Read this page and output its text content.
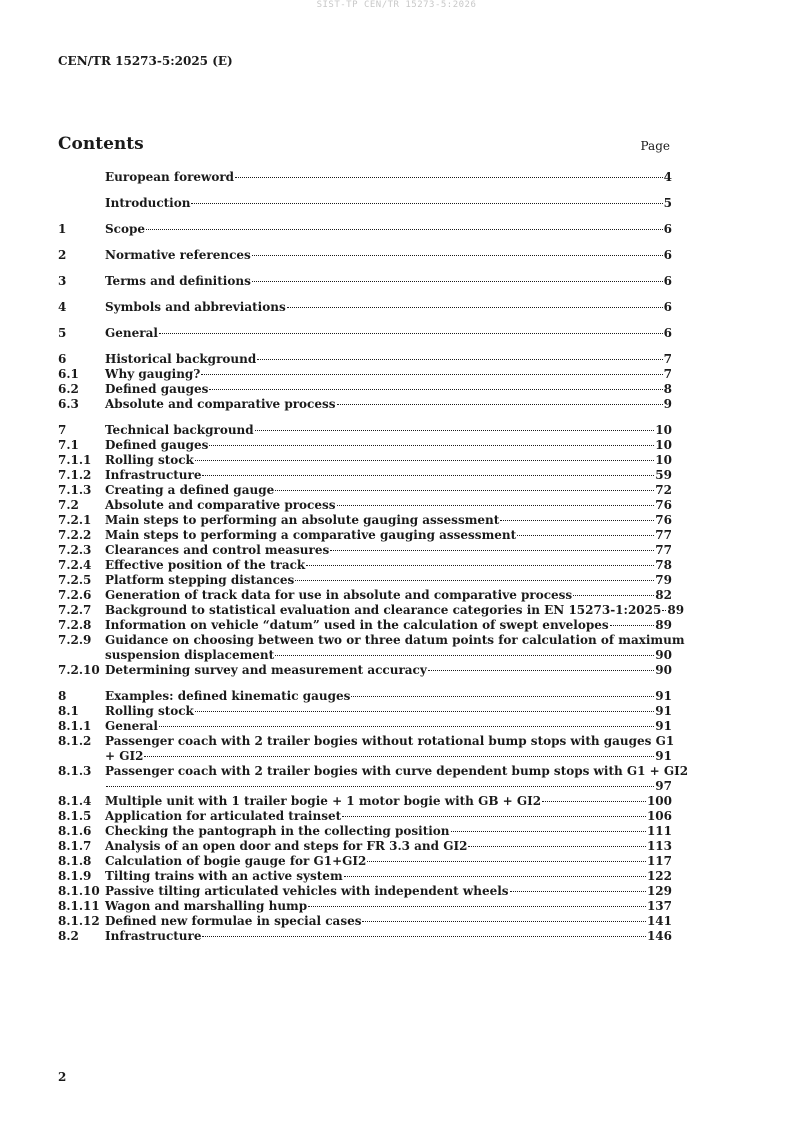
SIST-TP CEN/TR 15273-5:2026
CEN/TR 15273-5:2025 (E)
Contents	Page
European foreword	4
Introduction	5
1	Scope	6
2	Normative references	6
3	Terms and definitions	6
4	Symbols and abbreviations	6
5	General	6
6	Historical background	7
6.1	Why gauging?	7
6.2	Defined gauges	8
6.3	Absolute and comparative process	9
7	Technical background	10
7.1	Defined gauges	10
7.1.1	Rolling stock	10
7.1.2	Infrastructure	59
7.1.3	Creating a defined gauge	72
7.2	Absolute and comparative process	76
7.2.1	Main steps to performing an absolute gauging assessment	76
7.2.2	Main steps to performing a comparative gauging assessment	77
7.2.3	Clearances and control measures	77
7.2.4	Effective position of the track	78
7.2.5	Platform stepping distances	79
7.2.6	Generation of track data for use in absolute and comparative process	82
7.2.7	Background to statistical evaluation and clearance categories in EN 15273-1:2025 89
7.2.8	Information on vehicle “datum” used in the calculation of swept envelopes	89
7.2.9	Guidance on choosing between two or three datum points for calculation of maximum
suspension displacement	90
7.2.10 Determining survey and measurement accuracy	90
8	Examples: defined kinematic gauges	91
8.1	Rolling stock	91
8.1.1	General	91
8.1.2	Passenger coach with 2 trailer bogies without rotational bump stops with gauges G1
+ GI2	91
8.1.3	Passenger coach with 2 trailer bogies with curve dependent bump stops with G1 + GI2
97
8.1.4	Multiple unit with 1 trailer bogie + 1 motor bogie with GB + GI2	100
8.1.5	Application for articulated trainset	106
8.1.6	Checking the pantograph in the collecting position	111
8.1.7	Analysis of an open door and steps for FR 3.3 and GI2	113
8.1.8	Calculation of bogie gauge for G1+GI2	117
8.1.9	Tilting trains with an active system	122
8.1.10 Passive tilting articulated vehicles with independent wheels	129
8.1.11 Wagon and marshalling hump	137
8.1.12 Defined new formulae in special cases	141
8.2	Infrastructure	146
2
